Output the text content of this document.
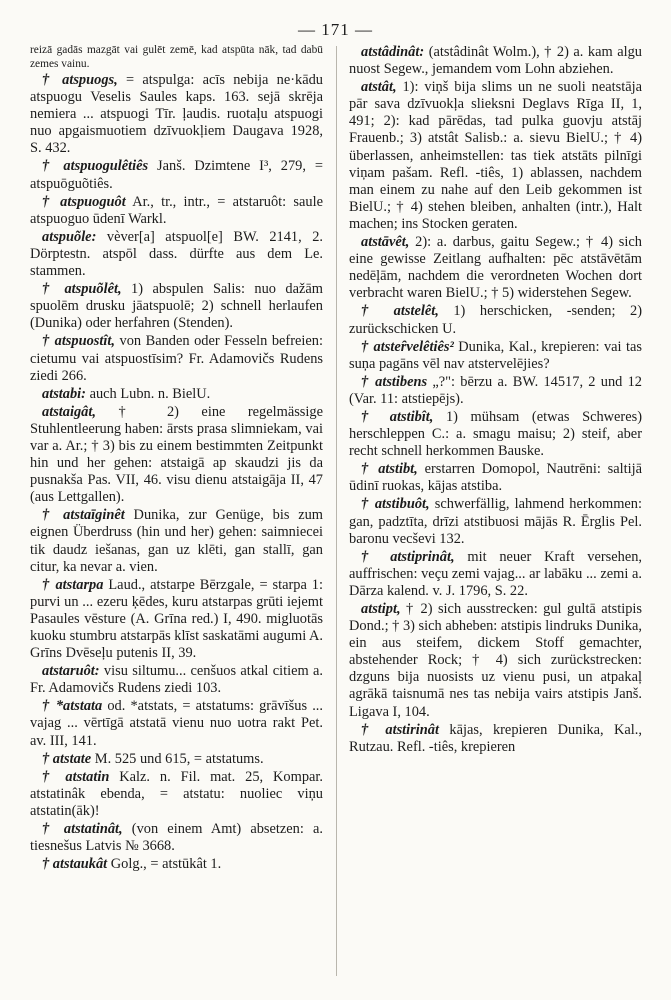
— 171 —

reizā gadās mazgāt vai gulēt zemē, kad atspūta nāk, tad dabū zemes vainu.

† atspuogs, = atspulga: acīs nebija ne·kādu atspuogu Veselis Saules kaps. 163. sejā skrēja nemiera ... atspuogi Tīr. ļaudis. ruotaļu atspuogi nuo apgaismuotiem dzīvuokļiem Daugava 1928, S. 432.

† atspuogulêtiês Janš. Dzimtene I³, 279, = atspuōguõtiês.

† atspuoguôt Ar., tr., intr., = atstaruôt: saule atspuoguo ūdenī Warkl.

atspuõle: vèver[a] atspuol[e] BW. 2141, 2. Dörptestn. atspōl dass. dürfte aus dem Le. stammen.

† atspuõlêt, 1) abspulen Salis: nuo dažām spuolēm drusku jāatspuolē; 2) schnell herlaufen (Dunika) oder herfahren (Stenden).

† atspuostît, von Banden oder Fesseln befreien: cietumu vai atspuostīsim? Fr. Adamovičs Rudens ziedi 266.

atstabi: auch Lubn. n. BielU.

atstaigât, † 2) eine regelmässige Stuhlentleerung haben: ārsts prasa slimniekam, vai var a. Ar.; † 3) bis zu einem bestimmten Zeitpunkt hin und her gehen: atstaigā ap skaudzi jis da pusnakša Pas. VII, 46. visu dienu atstaigāja II, 47 (aus Lettgallen).

† atstaīginêt Dunika, zur Genüge, bis zum eignen Überdruss (hin und her) gehen: saimniecei tik daudz iešanas, gan uz klēti, gan stallī, gan citur, ka nevar a. vien.

† atstarpa Laud., atstarpe Bērzgale, = starpa 1: purvi un ... ezeru ķēdes, kuru atstarpas grūti iejemt Pasaules vēsture (A. Grīna red.) I, 490. migluotās kuoku stumbru atstarpās klīst saskatāmi augumi A. Grīns Dvēseļu putenis II, 39.

atstaruôt: visu siltumu... cenšuos atkal citiem a. Fr. Adamovičs Rudens ziedi 103.

† *atstata od. *atstats, = atstatums: grāvīšus ... vajag ... vērtīgā atstatā vienu nuo uotra rakt Pet. av. III, 141.

† atstate M. 525 und 615, = atstatums.

† atstatin Kalz. n. Fil. mat. 25, Kompar. atstatinâk ebenda, = atstatu: nuoliec viņu atstatin(āk)!

† atstatinât, (von einem Amt) absetzen: a. tiesnešus Latvis № 3668.

† atstaukât Golg., = atstūkât 1.

atstâdinât: (atstâdinât Wolm.), † 2) a. kam algu nuost Segew., jemandem vom Lohn abziehen.

atstât, 1): viņš bija slims un ne suoli neatstāja pār sava dzīvuokļa slieksni Deglavs Rīga II, 1, 491; 2): kad pārēdas, tad pulka guovju atstāj Frauenb.; 3) atstât Salisb.: a. sievu BielU.; † 4) überlassen, anheimstellen: tas tiek atstāts pilnīgi viņam pašam. Refl. -tiês, 1) ablassen, nachdem man einem zu nahe auf den Leib gekommen ist BielU.; † 4) stehen bleiben, anhalten (intr.), Halt machen; ins Stocken geraten.

atstāvêt, 2): a. darbus, gaitu Segew.; † 4) sich eine gewisse Zeitlang aufhalten: pēc atstāvētām nedēļām, nachdem die verordneten Wochen dort verbracht waren BielU.; † 5) widerstehen Segew.

† atstelêt, 1) herschicken, -senden; 2) zurückschicken U.

† atsteȓvelêtiês² Dunika, Kal., krepieren: vai tas suņa pagāns vēl nav atstervelējies?

† atstibens „?": bērzu a. BW. 14517, 2 und 12 (Var. 11: atstiepējs).

† atstibît, 1) mühsam (etwas Schweres) herschleppen C.: a. smagu maisu; 2) steif, aber recht schnell herkommen Bauske.

† atstibt, erstarren Domopol, Nautrēni: saltijā ūdinī ruokas, kājas atstiba.

† atstibuôt, schwerfällig, lahmend herkommen: gan, padztīta, drīzi atstibuosi mājās R. Ērglis Pel. baronu vecševi 132.

† atstiprinât, mit neuer Kraft versehen, auffrischen: veçu zemi vajag... ar labāku ... zemi a. Dārza kalend. v. J. 1796, S. 22.

atstipt, † 2) sich ausstrecken: gul gultā atstipis Dond.; † 3) sich abheben: atstipis lindruks Dunika, ein aus steifem, dickem Stoff gemachter, abstehender Rock; † 4) sich zurückstrecken: dzguns bija nuosists uz vienu pusi, un atpakaļ agrākā taisnumā nes tas nebija vairs atstipis Janš. Ligava I, 104.

† atstirinât kājas, krepieren Dunika, Kal., Rutzau. Refl. -tiês, krepieren
